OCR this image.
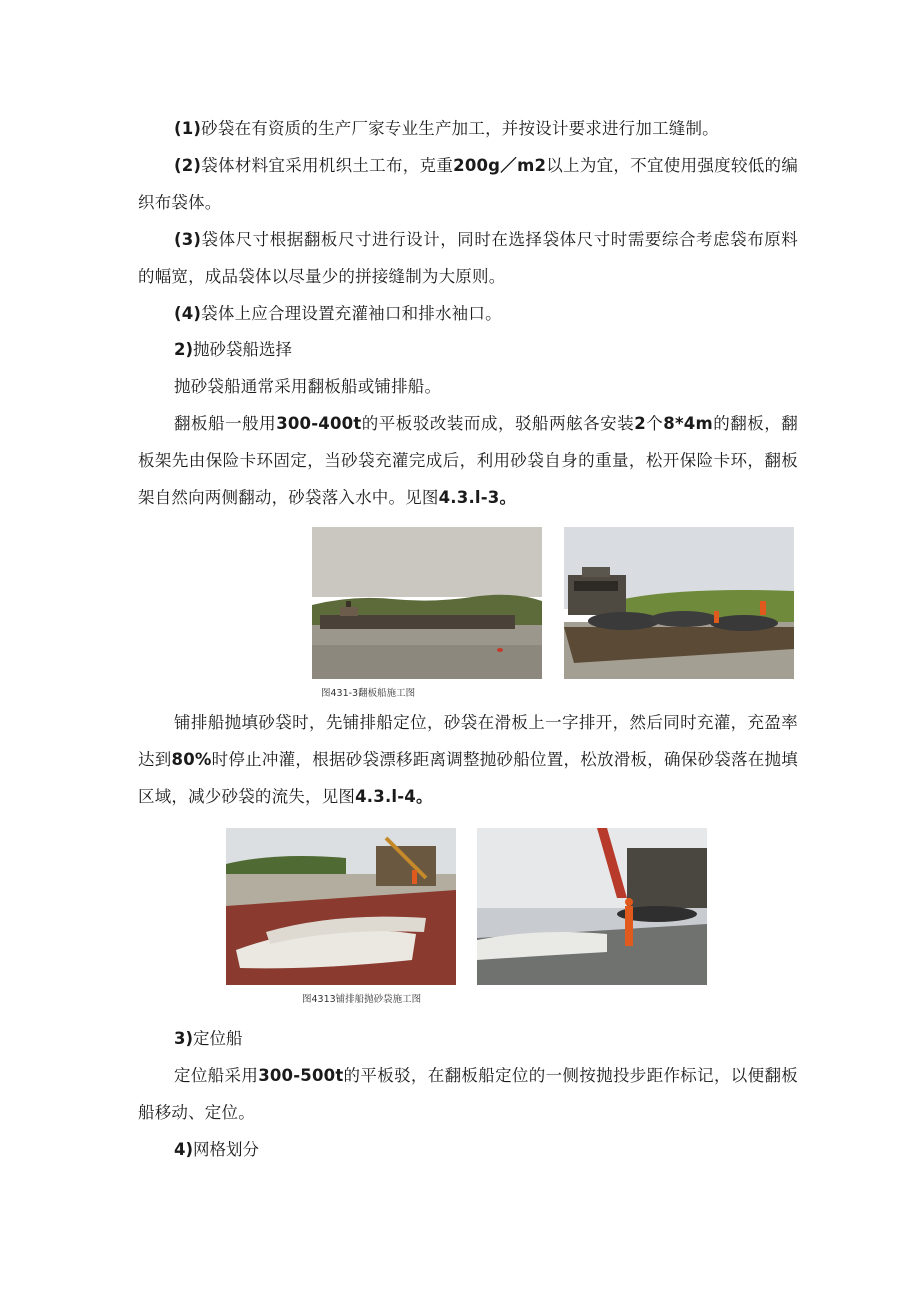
(1)砂袋在有资质的生产厂家专业生产加工，并按设计要求进行加工缝制。

(2)袋体材料宜采用机织土工布，克重200g／m2以上为宜，不宜使用强度较低的编织布袋体。

(3)袋体尺寸根据翻板尺寸进行设计，同时在选择袋体尺寸时需要综合考虑袋布原料的幅宽，成品袋体以尽量少的拼接缝制为大原则。

(4)袋体上应合理设置充灌袖口和排水袖口。

2)抛砂袋船选择

抛砂袋船通常采用翻板船或铺排船。

翻板船一般用300-400t的平板驳改装而成，驳船两舷各安装2个8*4m的翻板，翻板架先由保险卡环固定，当砂袋充灌完成后，利用砂袋自身的重量，松开保险卡环，翻板架自然向两侧翻动，砂袋落入水中。见图4.3.l-3。

图431-3翻板船施工图

铺排船抛填砂袋时，先铺排船定位，砂袋在滑板上一字排开，然后同时充灌，充盈率达到80%时停止冲灌，根据砂袋漂移距离调整抛砂船位置，松放滑板，确保砂袋落在抛填区域，减少砂袋的流失，见图4.3.l-4。

图4313铺排船抛砂袋施工图

3)定位船

定位船采用300-500t的平板驳，在翻板船定位的一侧按抛投步距作标记，以便翻板船移动、定位。

4)网格划分
